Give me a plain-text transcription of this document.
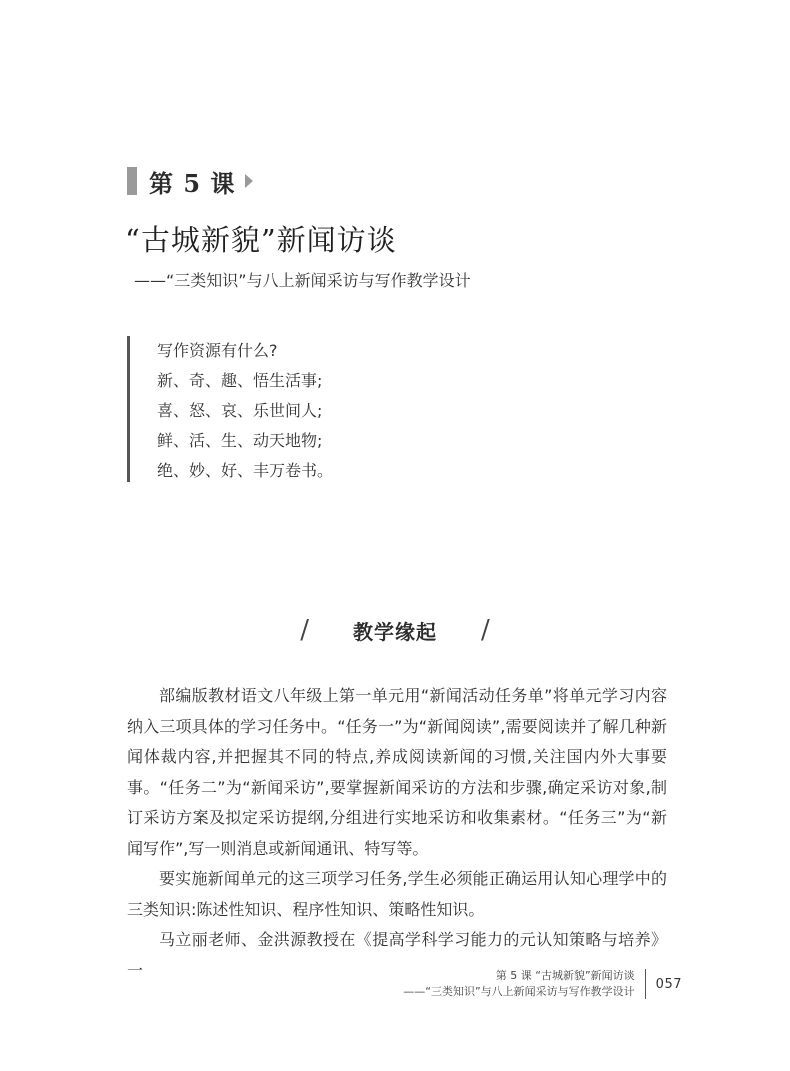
第 5 课
“古城新貌”新闻访谈
——“三类知识”与八上新闻采访与写作教学设计
写作资源有什么?
新、奇、趣、悟生活事;
喜、怒、哀、乐世间人;
鲜、活、生、动天地物;
绝、妙、好、丰万卷书。
/ 教学缘起 /

部编版教材语文八年级上第一单元用“新闻活动任务单”将单元学习内容纳入三项具体的学习任务中。“任务一”为“新闻阅读”,需要阅读并了解几种新闻体裁内容,并把握其不同的特点,养成阅读新闻的习惯,关注国内外大事要事。“任务二”为“新闻采访”,要掌握新闻采访的方法和步骤,确定采访对象,制订采访方案及拟定采访提纲,分组进行实地采访和收集素材。“任务三”为“新闻写作”,写一则消息或新闻通讯、特写等。

要实施新闻单元的这三项学习任务,学生必须能正确运用认知心理学中的三类知识:陈述性知识、程序性知识、策略性知识。

马立丽老师、金洪源教授在《提高学科学习能力的元认知策略与培养》一	第 5 课 “古城新貌”新闻访谈
——“三类知识”与八上新闻采访与写作教学设计 057
